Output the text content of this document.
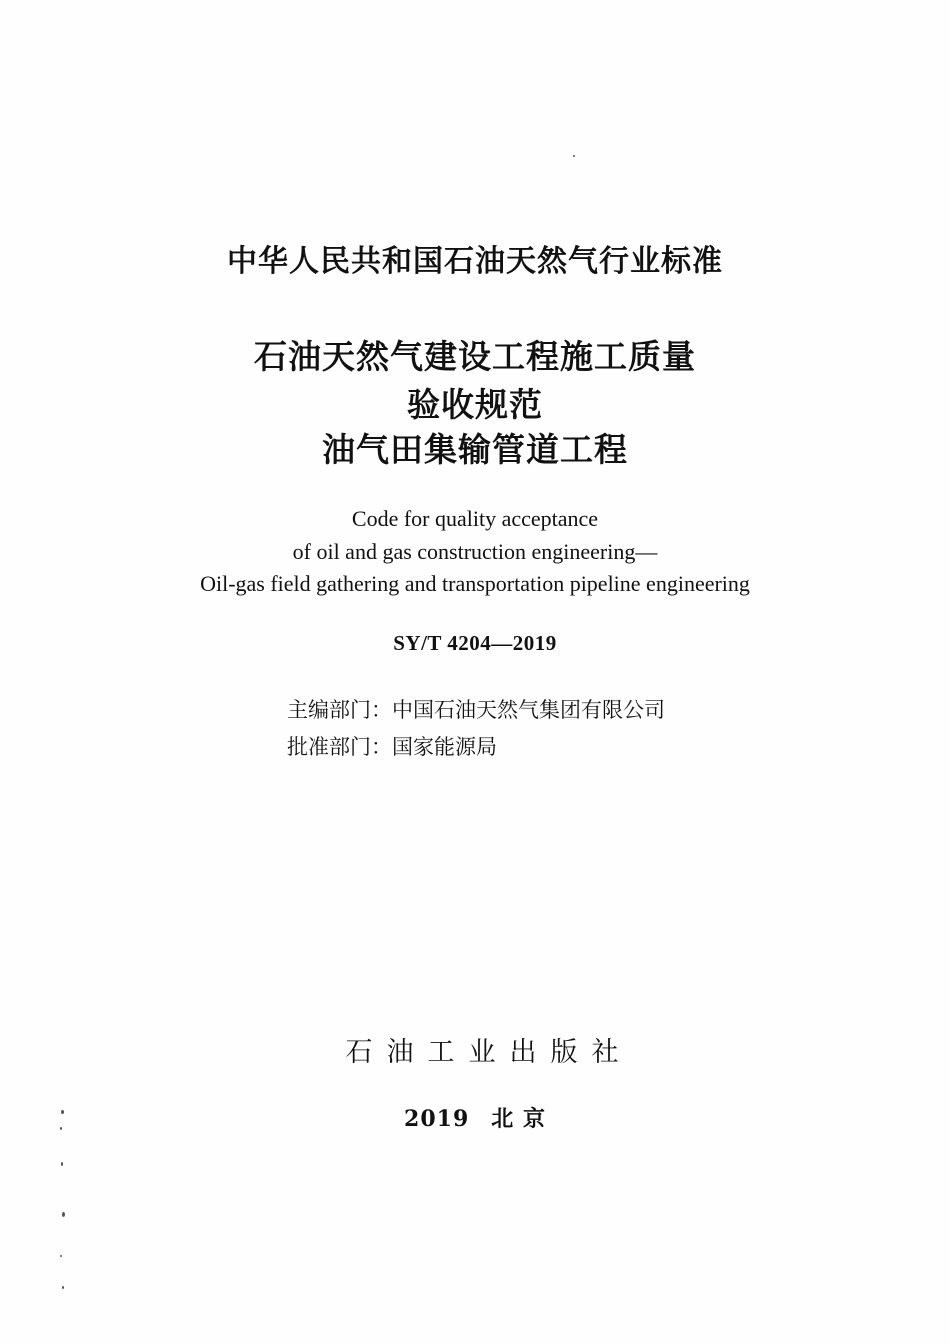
中华人民共和国石油天然气行业标准
石油天然气建设工程施工质量
验收规范
油气田集输管道工程
Code for quality acceptance
of oil and gas construction engineering—
Oil-gas field gathering and transportation pipeline engineering
SY/T 4204—2019
主编部门：中国石油天然气集团有限公司
批准部门：国家能源局
石油工业出版社
2019 北 京
